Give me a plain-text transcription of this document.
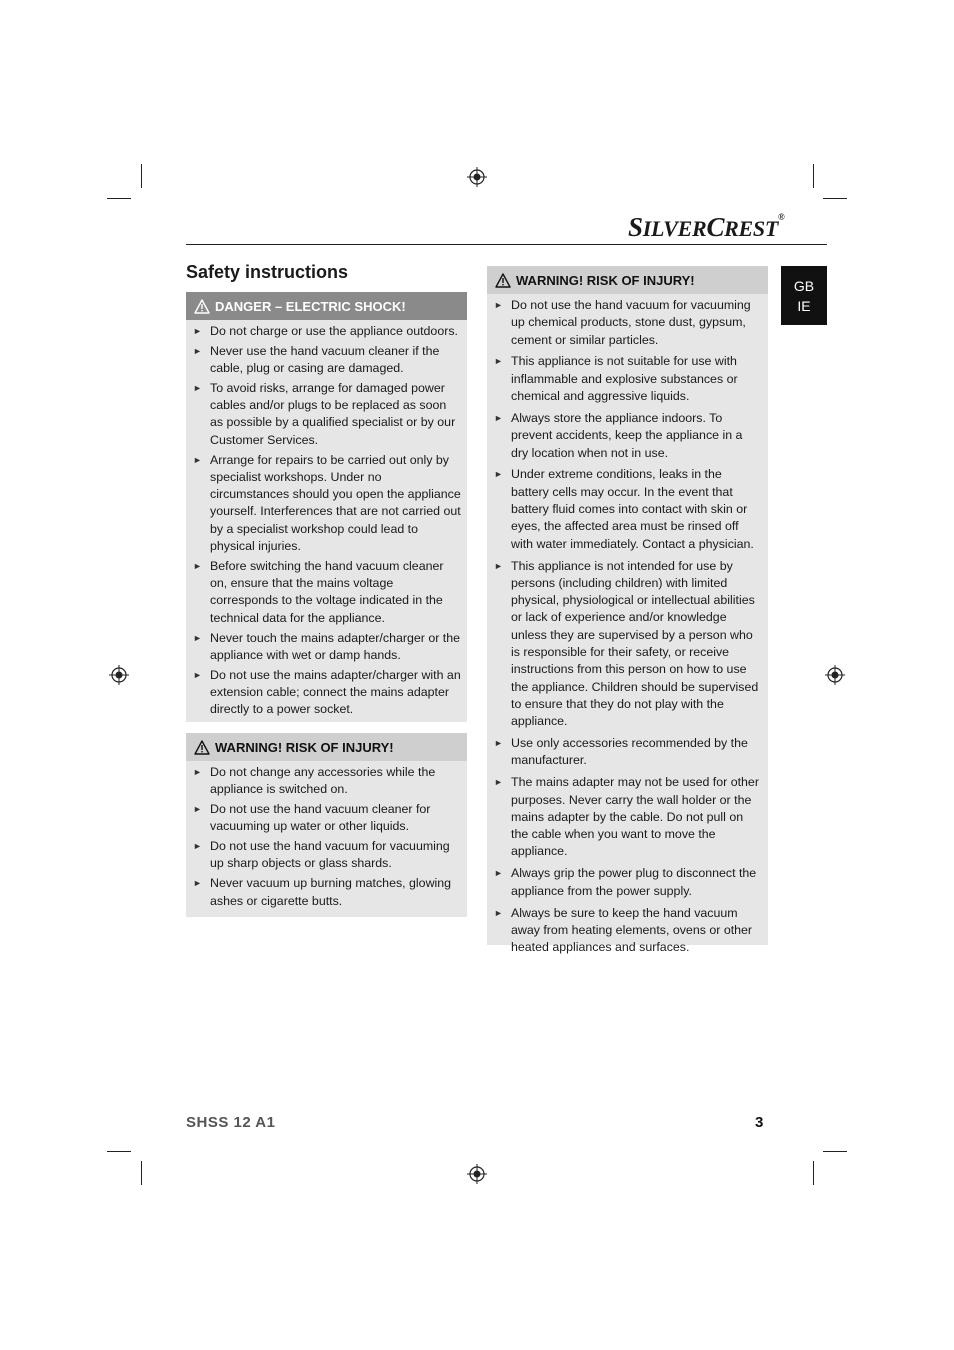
SILVERCREST®
GB
IE
Safety instructions
DANGER – ELECTRIC SHOCK!
► Do not charge or use the appliance outdoors.
► Never use the hand vacuum cleaner if the cable, plug or casing are damaged.
► To avoid risks, arrange for damaged power cables and/or plugs to be replaced as soon as possible by a qualified specialist or by our Customer Services.
► Arrange for repairs to be carried out only by specialist workshops. Under no circumstances should you open the appliance yourself. Interferences that are not carried out by a specialist workshop could lead to physical injuries.
► Before switching the hand vacuum cleaner on, ensure that the mains voltage corresponds to the voltage indicated in the technical data for the appliance.
► Never touch the mains adapter/charger or the appliance with wet or damp hands.
► Do not use the mains adapter/charger with an extension cable; connect the mains adapter directly to a power socket.
WARNING! RISK OF INJURY!
► Do not change any accessories while the appliance is switched on.
► Do not use the hand vacuum cleaner for vacuuming up water or other liquids.
► Do not use the hand vacuum for vacuuming up sharp objects or glass shards.
► Never vacuum up burning matches, glowing ashes or cigarette butts.
WARNING! RISK OF INJURY!
► Do not use the hand vacuum for vacuuming up chemical products, stone dust, gypsum, cement or similar particles.
► This appliance is not suitable for use with inflammable and explosive substances or chemical and aggressive liquids.
► Always store the appliance indoors. To prevent accidents, keep the appliance in a dry location when not in use.
► Under extreme conditions, leaks in the battery cells may occur. In the event that battery fluid comes into contact with skin or eyes, the affected area must be rinsed off with water immediately. Contact a physician.
► This appliance is not intended for use by persons (including children) with limited physical, physiological or intellectual abilities or lack of experience and/or knowledge unless they are supervised by a person who is responsible for their safety, or receive instructions from this person on how to use the appliance. Children should be supervised to ensure that they do not play with the appliance.
► Use only accessories recommended by the manufacturer.
► The mains adapter may not be used for other purposes. Never carry the wall holder or the mains adapter by the cable. Do not pull on the cable when you want to move the appliance.
► Always grip the power plug to disconnect the appliance from the power supply.
► Always be sure to keep the hand vacuum away from heating elements, ovens or other heated appliances and surfaces.
SHSS 12 A1	3
